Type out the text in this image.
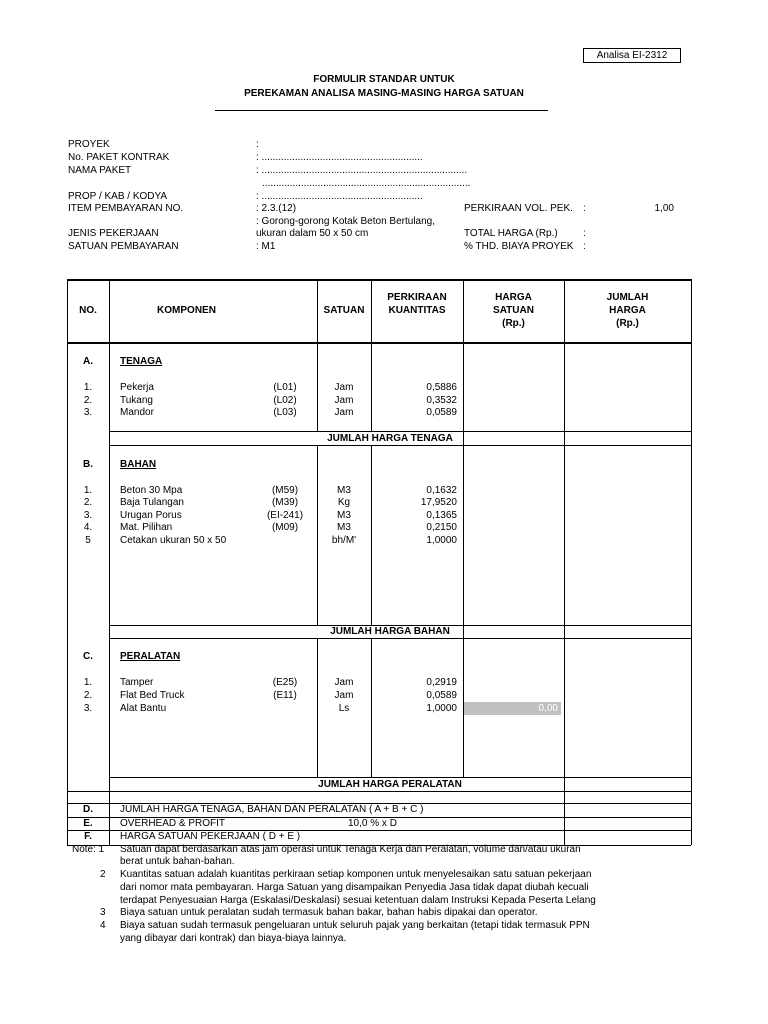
Analisa EI-2312
FORMULIR STANDAR UNTUK
PEREKAMAN ANALISA MASING-MASING HARGA SATUAN
PROYEK	:
No. PAKET KONTRAK	: ..........................................................
NAMA PAKET	: ..........................................................................
...........................................................................
PROP / KAB / KODYA	: ..........................................................
ITEM PEMBAYARAN NO.	: 2.3.(12)	PERKIRAAN VOL. PEK. :	1,00
: Gorong-gorong Kotak Beton Bertulang,
JENIS PEKERJAAN	ukuran dalam 50 x 50 cm	TOTAL HARGA (Rp.)	:
SATUAN PEMBAYARAN	: M1	% THD. BIAYA PROYEK :
NO.	KOMPONEN	SATUAN
PERKIRAAN
KUANTITAS
HARGA
SATUAN
(Rp.)
JUMLAH
HARGA
(Rp.)
A.	TENAGA
1.	Pekerja	(L01)	Jam	0,5886
2.	Tukang	(L02)	Jam	0,3532
3.	Mandor	(L03)	Jam	0,0589
JUMLAH HARGA TENAGA
B.	BAHAN
1.	Beton 30 Mpa	(M59)	M3	0,1632
2.	Baja Tulangan	(M39)	Kg	17,9520
3.	Urugan Porus	(EI-241)	M3	0,1365
4.	Mat. Pilihan	(M09)	M3	0,2150
5	Cetakan ukuran 50 x 50	bh/M'	1,0000
JUMLAH HARGA BAHAN
C.	PERALATAN
1.	Tamper	(E25)	Jam	0,2919
2.	Flat Bed Truck	(E11)	Jam	0,0589
3.	Alat Bantu	Ls	1,0000	0,00
JUMLAH HARGA PERALATAN
D.	JUMLAH HARGA TENAGA, BAHAN DAN PERALATAN ( A + B + C )
E.	OVERHEAD & PROFIT	10,0 % x D
F.	HARGA SATUAN PEKERJAAN ( D + E )
Note: 1 Satuan dapat berdasarkan atas jam operasi untuk Tenaga Kerja dan Peralatan, volume dan/atau ukuran
berat untuk bahan-bahan.
2 Kuantitas satuan adalah kuantitas perkiraan setiap komponen untuk menyelesaikan satu satuan pekerjaan
dari nomor mata pembayaran. Harga Satuan yang disampaikan Penyedia Jasa tidak dapat diubah kecuali
terdapat Penyesuaian Harga (Eskalasi/Deskalasi) sesuai ketentuan dalam Instruksi Kepada Peserta Lelang
3 Biaya satuan untuk peralatan sudah termasuk bahan bakar, bahan habis dipakai dan operator.
4 Biaya satuan sudah termasuk pengeluaran untuk seluruh pajak yang berkaitan (tetapi tidak termasuk PPN
yang dibayar dari kontrak) dan biaya-biaya lainnya.
